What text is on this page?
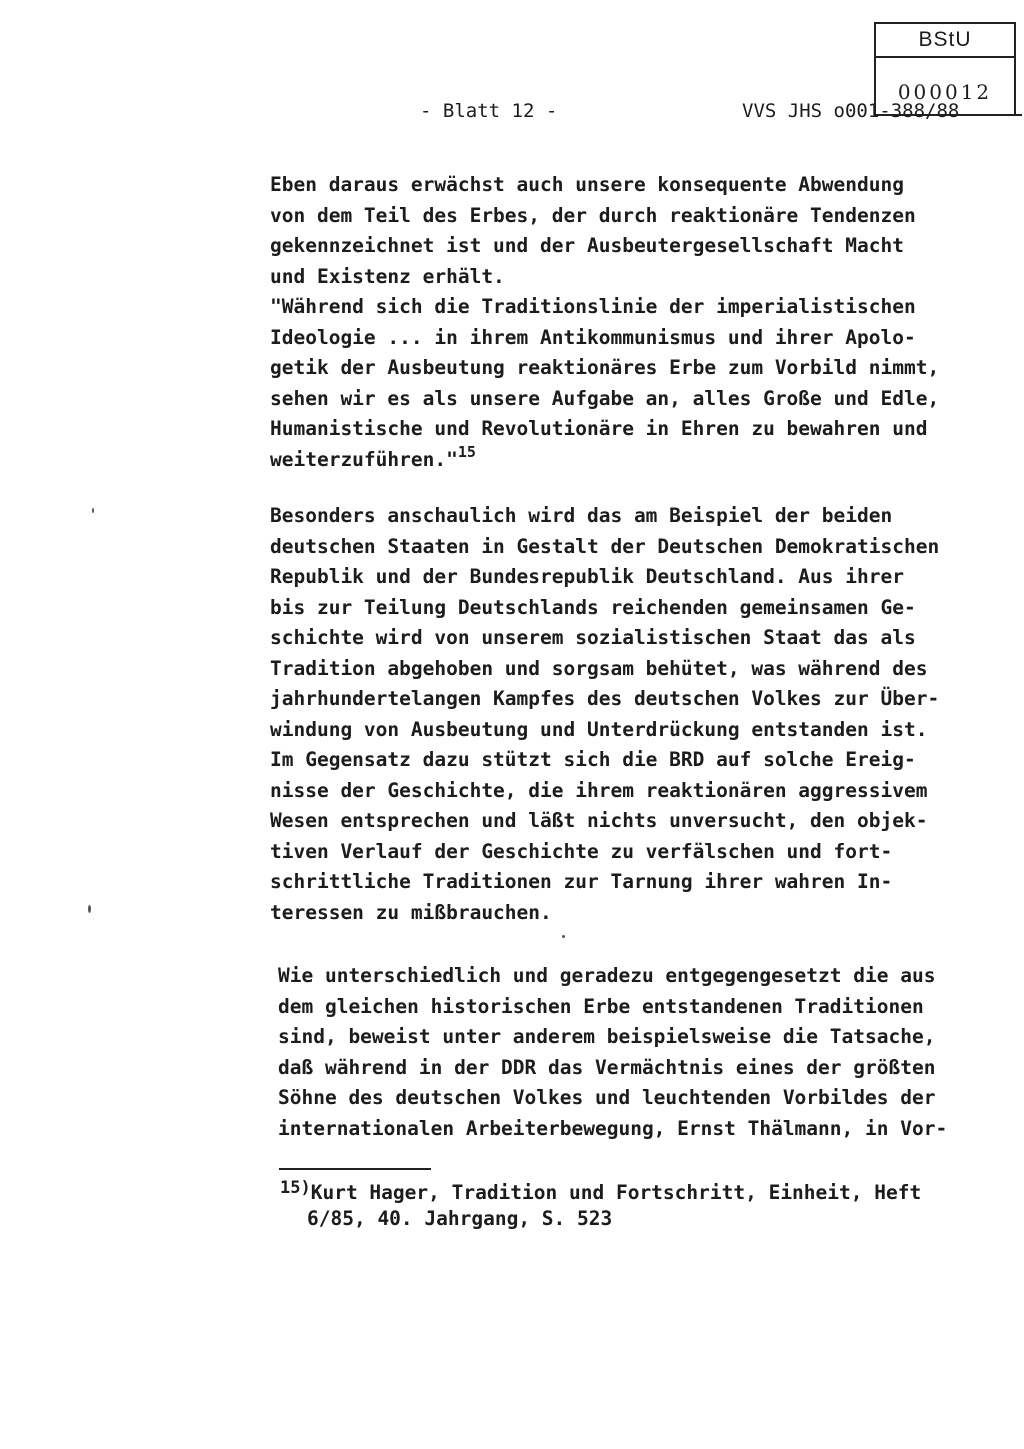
BStU
000012
- Blatt 12 -	VVS JHS o001-388/88
Eben daraus erwächst auch unsere konsequente Abwendung
von dem Teil des Erbes, der durch reaktionäre Tendenzen
gekennzeichnet ist und der Ausbeutergesellschaft Macht
und Existenz erhält.
"Während sich die Traditionslinie der imperialistischen
Ideologie ... in ihrem Antikommunismus und ihrer Apolo-
getik der Ausbeutung reaktionäres Erbe zum Vorbild nimmt,
sehen wir es als unsere Aufgabe an, alles Große und Edle,
Humanistische und Revolutionäre in Ehren zu bewahren und
weiterzuführen."$^{15}$
Besonders anschaulich wird das am Beispiel der beiden
deutschen Staaten in Gestalt der Deutschen Demokratischen
Republik und der Bundesrepublik Deutschland. Aus ihrer
bis zur Teilung Deutschlands reichenden gemeinsamen Ge-
schichte wird von unserem sozialistischen Staat das als
Tradition abgehoben und sorgsam behütet, was während des
jahrhundertelangen Kampfes des deutschen Volkes zur Über-
windung von Ausbeutung und Unterdrückung entstanden ist.
Im Gegensatz dazu stützt sich die BRD auf solche Ereig-
nisse der Geschichte, die ihrem reaktionären aggressivem
Wesen entsprechen und läßt nichts unversucht, den objek-
tiven Verlauf der Geschichte zu verfälschen und fort-
schrittliche Traditionen zur Tarnung ihrer wahren In-
teressen zu mißbrauchen.
Wie unterschiedlich und geradezu entgegengesetzt die aus
dem gleichen historischen Erbe entstandenen Traditionen
sind, beweist unter anderem beispielsweise die Tatsache,
daß während in der DDR das Vermächtnis eines der größten
Söhne des deutschen Volkes und leuchtenden Vorbildes der
internationalen Arbeiterbewegung, Ernst Thälmann, in Vor-
15)Kurt Hager, Tradition und Fortschritt, Einheit, Heft
6/85, 40. Jahrgang, S. 523
